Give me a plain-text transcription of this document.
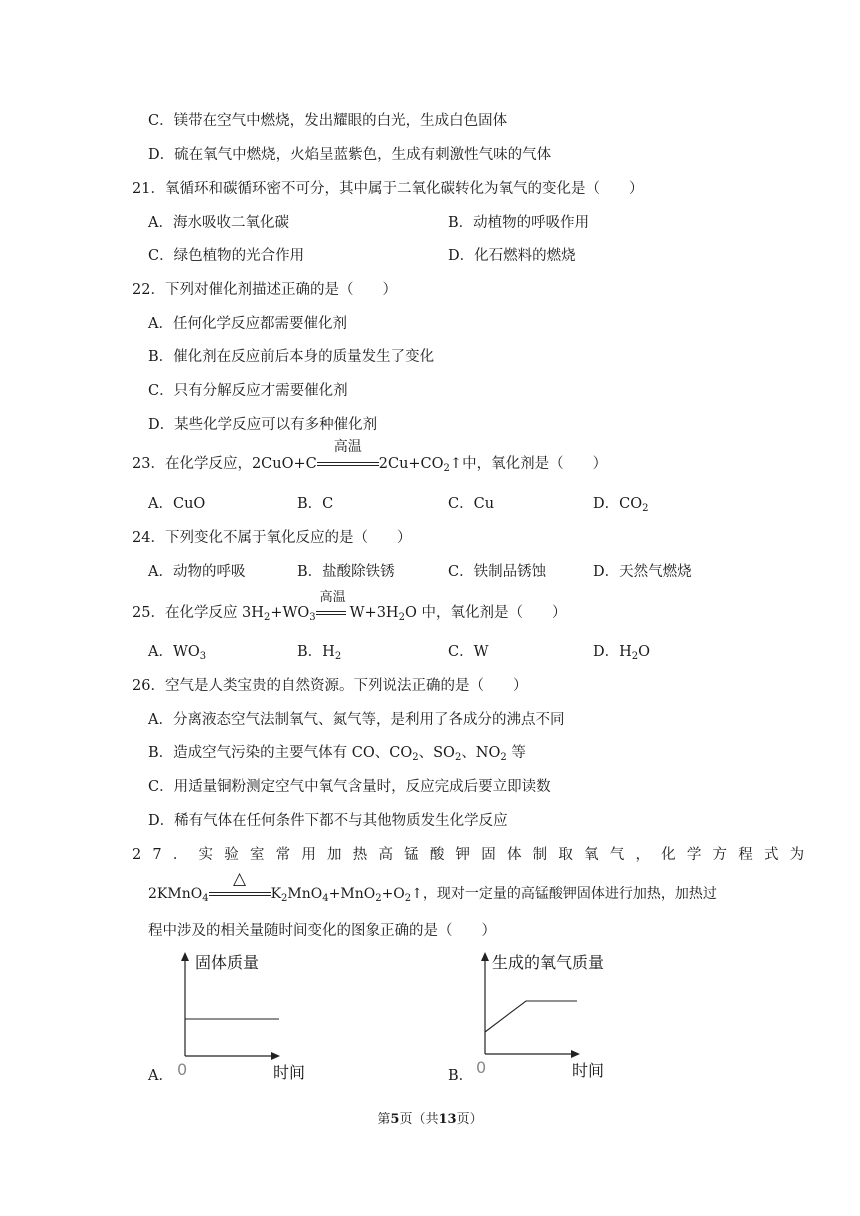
C．镁带在空气中燃烧，发出耀眼的白光，生成白色固体
D．硫在氧气中燃烧，火焰呈蓝紫色，生成有刺激性气味的气体
21．氧循环和碳循环密不可分，其中属于二氧化碳转化为氧气的变化是（　　）
A．海水吸收二氧化碳	B．动植物的呼吸作用
C．绿色植物的光合作用	D．化石燃料的燃烧
22．下列对催化剂描述正确的是（　　）
A．任何化学反应都需要催化剂
B．催化剂在反应前后本身的质量发生了变化
C．只有分解反应才需要催化剂
D．某些化学反应可以有多种催化剂
23．在化学反应，2CuO+C
高温
$2Cu+CO_2↑$中，氧化剂是（　　）
A．CuO	B．C	C．Cu	D．$CO_2$
24．下列变化不属于氧化反应的是（　　）
A．动物的呼吸	B．盐酸除铁锈	C．铁制品锈蚀	D．天然气燃烧
25．在化学反应 $3H_2+WO_3$
高温
$W+3H_2O$ 中，氧化剂是（　　）
A．$WO_3$	B．$H_2$	C．W	D．$H_2O$
26．空气是人类宝贵的自然资源。下列说法正确的是（　　）
A．分离液态空气法制氧气、氮气等，是利用了各成分的沸点不同
B．造成空气污染的主要气体有 CO、$CO_2$、$SO_2$、$NO_2$ 等
C．用适量铜粉测定空气中氧气含量时，反应完成后要立即读数
D．稀有气体在任何条件下都不与其他物质发生化学反应
27．实验室常用加热高锰酸钾固体制取氧气，化学方程式为
2KMnO$_4$
△
$K_2MnO_4+MnO_2+O_2↑$，现对一定量的高锰酸钾固体进行加热，加热过
程中涉及的相关量随时间变化的图象正确的是（　　）
A．
固体质量
0	时间	B．
生成的氧气质量
0	时间
第5页（共13页）
